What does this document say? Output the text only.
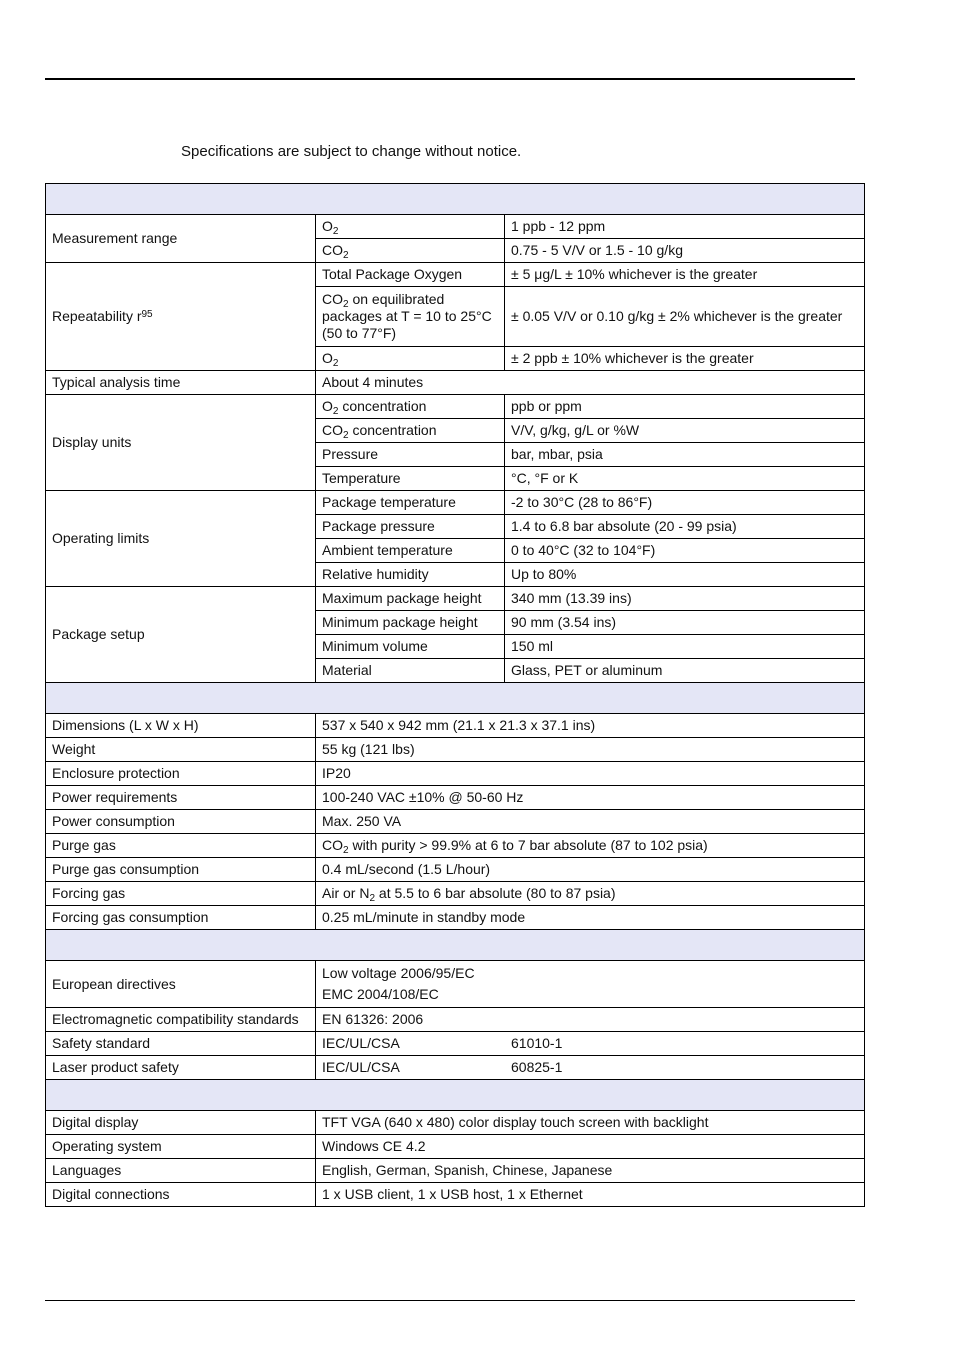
Specifications are subject to change without notice.

Measurement range	$O_2$	1 ppb - 12 ppm
	$CO_2$	0.75 - 5 V/V or 1.5 - 10 g/kg
Repeatability $r^{95}$	Total Package Oxygen	± 5 μg/L ± 10% whichever is the greater
	$CO_2$ on equilibrated packages at T = 10 to 25°C (50 to 77°F)	± 0.05 V/V or 0.10 g/kg ± 2% whichever is the greater
	$O_2$	± 2 ppb ± 10% whichever is the greater
Typical analysis time	About 4 minutes	
Display units	$O_2$ concentration	ppb or ppm
	$CO_2$ concentration	V/V, g/kg, g/L or %W
	Pressure	bar, mbar, psia
	Temperature	°C, °F or K
Operating limits	Package temperature	-2 to 30°C (28 to 86°F)
	Package pressure	1.4 to 6.8 bar absolute (20 - 99 psia)
	Ambient temperature	0 to 40°C (32 to 104°F)
	Relative humidity	Up to 80%
Package setup	Maximum package height	340 mm (13.39 ins)
	Minimum package height	90 mm (3.54 ins)
	Minimum volume	150 ml
	Material	Glass, PET or aluminum

Dimensions (L x W x H)	537 x 540 x 942 mm (21.1 x 21.3 x 37.1 ins)	
Weight	55 kg (121 lbs)	
Enclosure protection	IP20	
Power requirements	100-240 VAC ±10% @ 50-60 Hz	
Power consumption	Max. 250 VA	
Purge gas	$CO_2$ with purity > 99.9% at 6 to 7 bar absolute (87 to 102 psia)	
Purge gas consumption	0.4 mL/second (1.5 L/hour)	
Forcing gas	Air or $N_2$ at 5.5 to 6 bar absolute (80 to 87 psia)	
Forcing gas consumption	0.25 mL/minute in standby mode	

European directives	Low voltage 2006/95/EC
EMC 2004/108/EC	

Electromagnetic compatibility standards	EN 61326: 2006	
Safety standard	IEC/UL/CSA 61010-1	
Laser product safety	IEC/UL/CSA 60825-1	

Digital display	TFT VGA (640 x 480) color display touch screen with backlight	
Operating system	Windows CE 4.2	
Languages	English, German, Spanish, Chinese, Japanese	
Digital connections	1 x USB client, 1 x USB host, 1 x Ethernet	
